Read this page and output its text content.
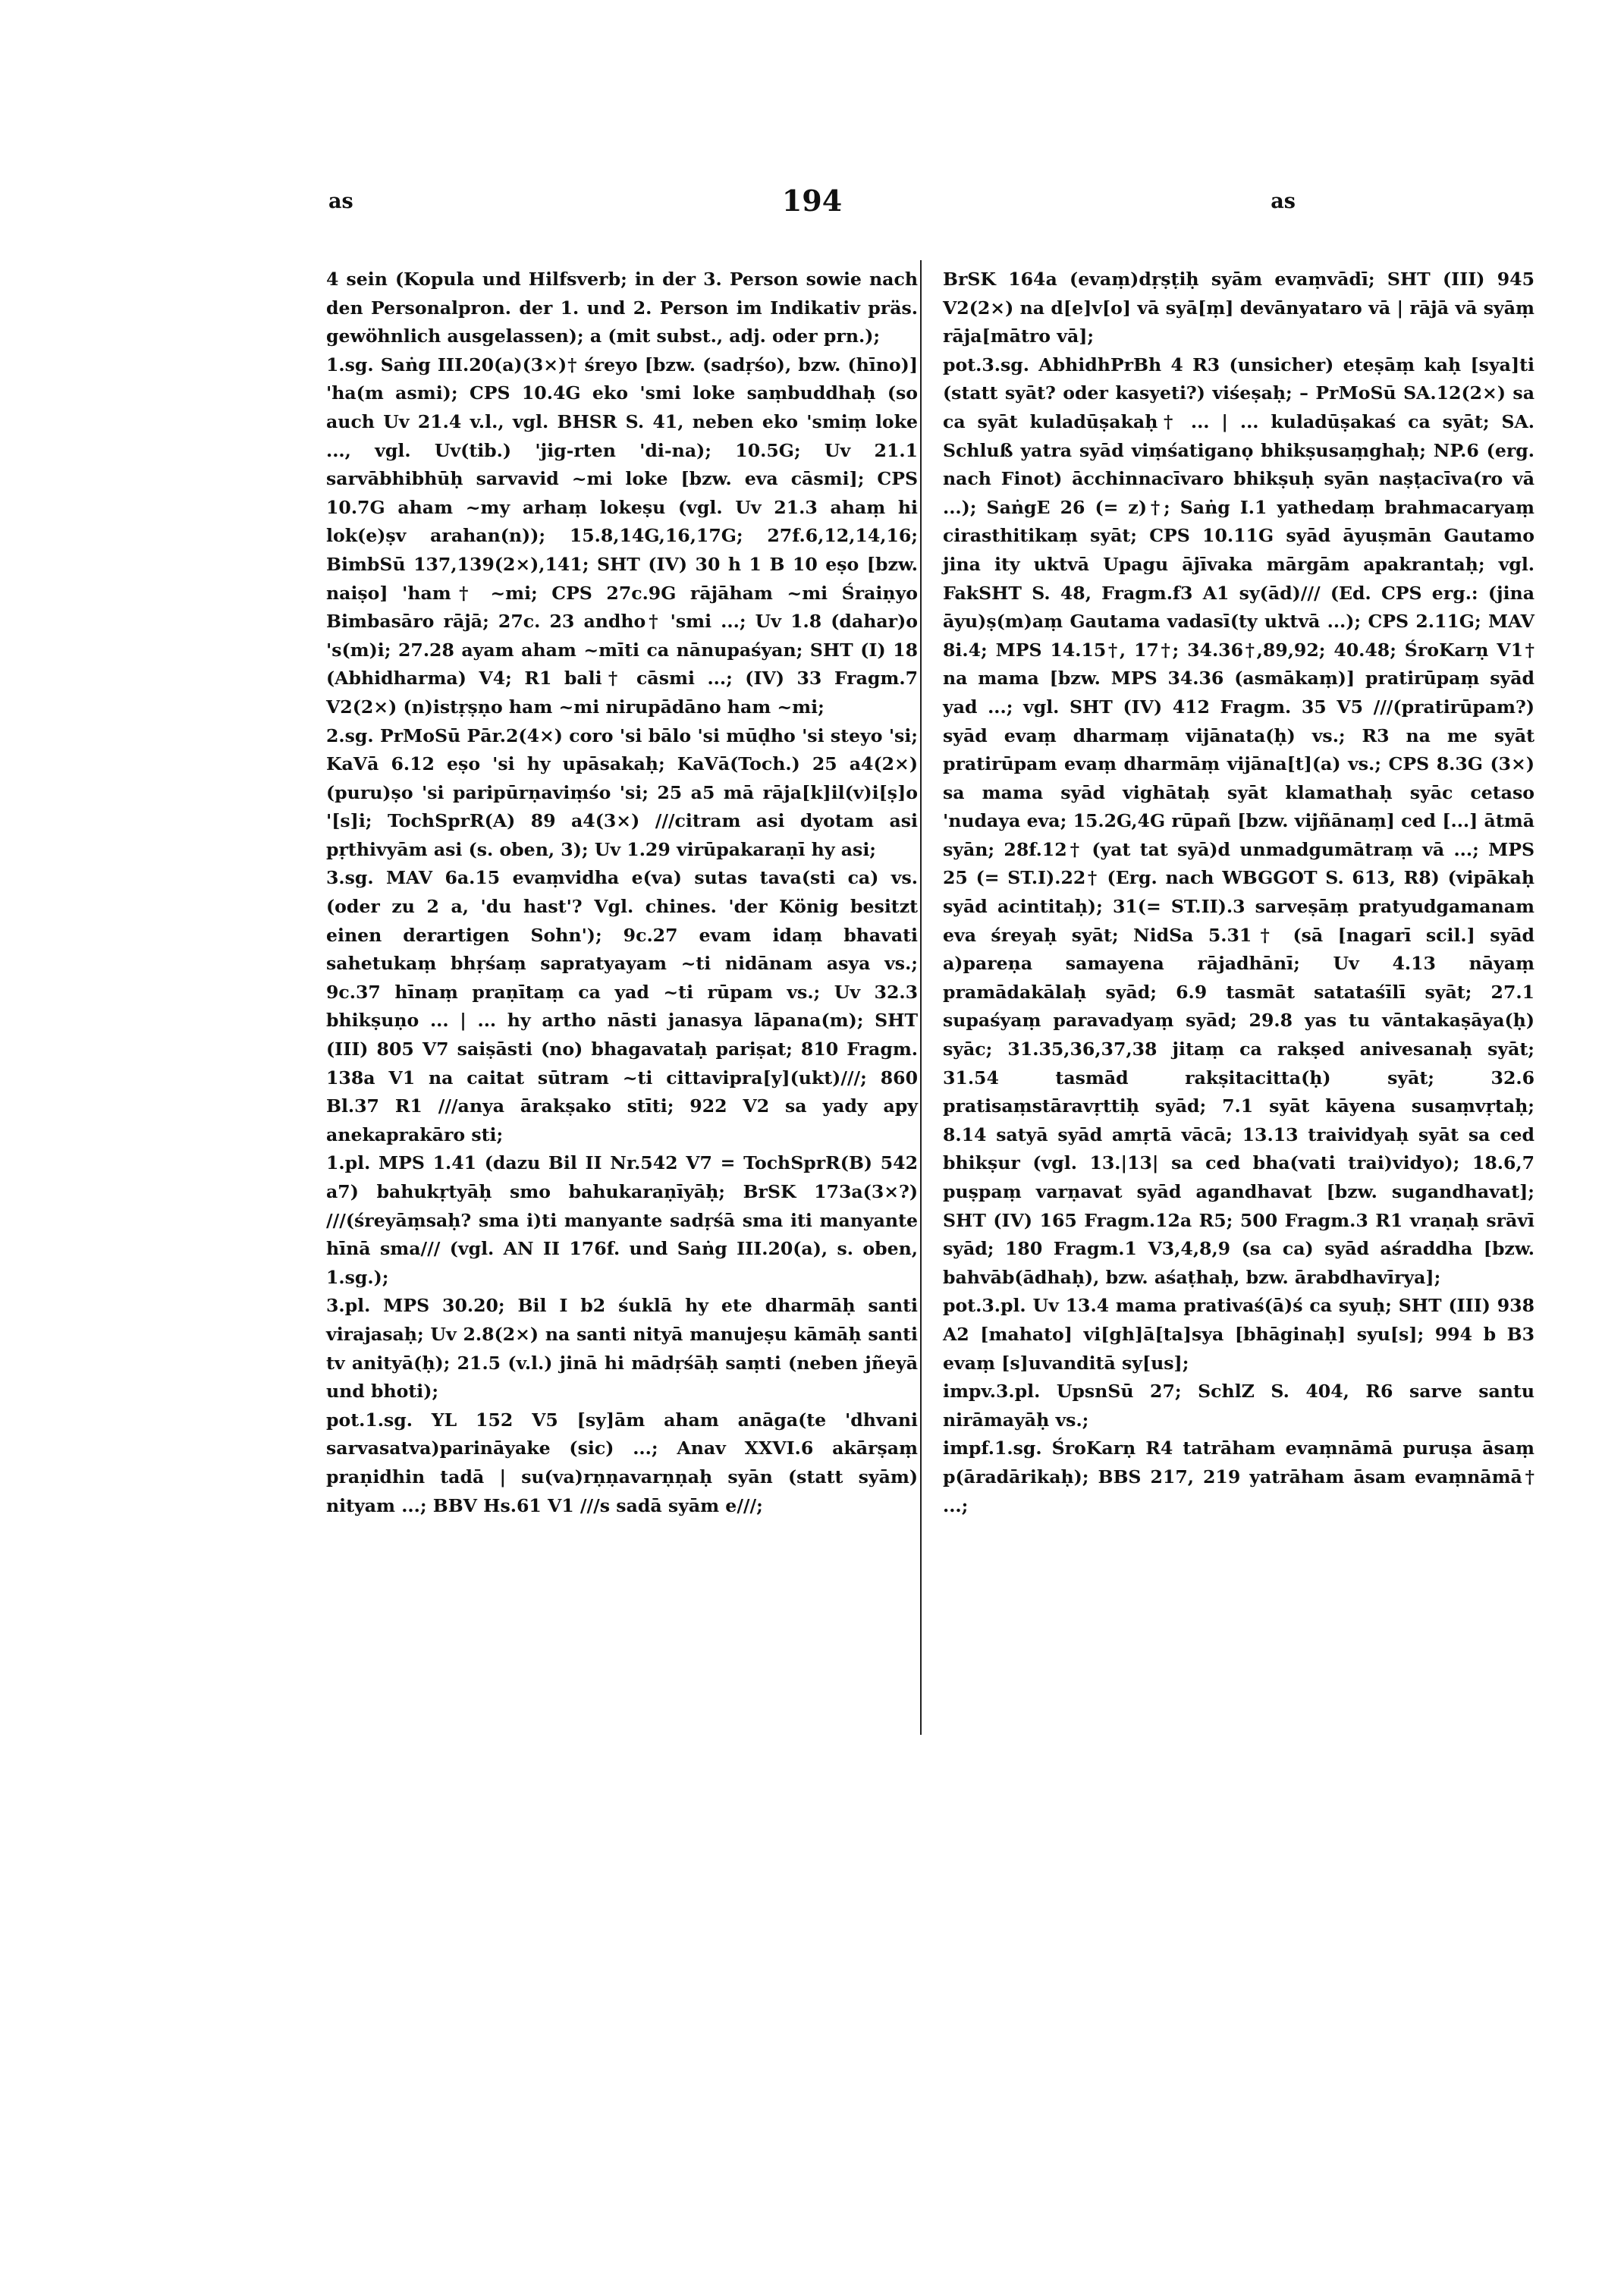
as	194	as

4 sein (Kopula und Hilfsverb; in der 3. Person sowie nach den Personalpron. der 1. und 2. Person im Indikativ präs. gewöhnlich ausgelassen); a (mit subst., adj. oder prn.);

1.sg. Saṅg III.20(a)(3×)† śreyo [bzw. (sadṛśo), bzw. (hīno)] 'ha(m asmi); CPS 10.4G eko 'smi loke saṃbuddhaḥ (so auch Uv 21.4 v.l., vgl. BHSR S. 41, neben eko 'smiṃ loke ..., vgl. Uv(tib.) 'jig-rten 'di-na); 10.5G; Uv 21.1 sarvābhibhūḥ sarvavid ~mi loke [bzw. eva cāsmi]; CPS 10.7G aham ~my arhaṃ lokeṣu (vgl. Uv 21.3 ahaṃ hi lok(e)ṣv arahan(n)); 15.8,14G,16,17G; 27f.6,12,14,16; BimbSū 137,139(2×),141; SHT (IV) 30 h 1 B 10 eṣo [bzw. naiṣo] 'ham† ~mi; CPS 27c.9G rājāham ~mi Śraiṇyo Bimbasāro rājā; 27c. 23 andho† 'smi ...; Uv 1.8 (dahar)o 's(m)i; 27.28 ayam aham ~mīti ca nānupaśyan; SHT (I) 18 (Abhidharma) V4; R1 bali† cāsmi ...; (IV) 33 Fragm.7 V2(2×) (n)istṛṣṇo ham ~mi nirupādāno ham ~mi;

2.sg. PrMoSū Pār.2(4×) coro 'si bālo 'si mūḍho 'si steyo 'si; KaVā 6.12 eṣo 'si hy upāsakaḥ; KaVā(Toch.) 25 a4(2×) (puru)ṣo 'si paripūrṇaviṃśo 'si; 25 a5 mā rāja[k]il(v)i[ṣ]o '[s]i; TochSprR(A) 89 a4(3×) ///citram asi dyotam asi pṛthivyām asi (s. oben, 3); Uv 1.29 virūpakaraṇī hy asi;

3.sg. MAV 6a.15 evaṃvidha e(va) sutas tava(sti ca) vs. (oder zu 2 a, 'du hast'? Vgl. chines. 'der König besitzt einen derartigen Sohn'); 9c.27 evam idaṃ bhavati sahetukaṃ bhṛśaṃ sapratyayam ~ti nidānam asya vs.; 9c.37 hīnaṃ praṇītaṃ ca yad ~ti rūpam vs.; Uv 32.3 bhikṣuṇo ... | ... hy artho nāsti janasya lāpana(m); SHT (III) 805 V7 saiṣāsti (no) bhagavataḥ pariṣat; 810 Fragm. 138a V1 na caitat sūtram ~ti cittavipra[y](ukt)///; 860 Bl.37 R1 ///anya ārakṣako stīti; 922 V2 sa yady apy anekaprakāro sti;

1.pl. MPS 1.41 (dazu Bil II Nr.542 V7 = TochSprR(B) 542 a7) bahukṛtyāḥ smo bahukaraṇīyāḥ; BrSK 173a(3×?) ///(śreyāṃsaḥ? sma i)ti manyante sadṛśā sma iti manyante hīnā sma/// (vgl. AN II 176f. und Saṅg III.20(a), s. oben, 1.sg.);

3.pl. MPS 30.20; Bil I b2 śuklā hy ete dharmāḥ santi virajasaḥ; Uv 2.8(2×) na santi nityā manujeṣu kāmāḥ santi tv anityā(ḥ); 21.5 (v.l.) jinā hi mādṛśāḥ saṃti (neben jñeyā und bhoti);

pot.1.sg. YL 152 V5 [sy]ām aham anāga(te 'dhvani sarvasatva)parināyake (sic) ...; Anav XXVI.6 akārṣaṃ praṇidhin tadā | su(va)rṇṇavarṇṇaḥ syān (statt syām) nityam ...; BBV Hs.61 V1 ///s sadā syām e///;

BrSK 164a (evaṃ)dṛṣṭiḥ syām evaṃvādī; SHT (III) 945 V2(2×) na d[e]v[o] vā syā[ṃ] devānyataro vā | rājā vā syāṃ rāja[mātro vā];

pot.3.sg. AbhidhPrBh 4 R3 (unsicher) eteṣāṃ kaḥ [sya]ti (statt syāt? oder kasyeti?) viśeṣaḥ; – PrMoSū SA.12(2×) sa ca syāt kuladūṣakaḥ† ... | ... kuladūṣakaś ca syāt; SA. Schluß yatra syād viṃśatiganọ bhikṣusaṃghaḥ; NP.6 (erg. nach Finot) ācchinnacīvaro bhikṣuḥ syān naṣṭacīva(ro vā ...); SaṅgE 26 (= z)†; Saṅg I.1 yathedaṃ brahmacaryaṃ cirasthitikaṃ syāt; CPS 10.11G syād āyuṣmān Gautamo jina ity uktvā Upagu ājīvaka mārgām apakrantaḥ; vgl. FakSHT S. 48, Fragm.f3 A1 sy(ād)/// (Ed. CPS erg.: (jina āyu)ṣ(m)aṃ Gautama vadasī(ty uktvā ...); CPS 2.11G; MAV 8i.4; MPS 14.15†, 17†; 34.36†,89,92; 40.48; ŚroKarṇ V1† na mama [bzw. MPS 34.36 (asmākaṃ)] pratirūpaṃ syād yad ...; vgl. SHT (IV) 412 Fragm. 35 V5 ///(pratirūpam?) syād evaṃ dharmaṃ vijānata(ḥ) vs.; R3 na me syāt pratirūpam evaṃ dharmāṃ vijāna[t](a) vs.; CPS 8.3G (3×) sa mama syād vighātaḥ syāt klamathaḥ syāc cetaso 'nudaya eva; 15.2G,4G rūpañ [bzw. vijñānaṃ] ced [...] ātmā syān; 28f.12† (yat tat syā)d unmadgumātraṃ vā ...; MPS 25 (= ST.I).22† (Erg. nach WBGGOT S. 613, R8) (vipākaḥ syād acintitaḥ); 31(= ST.II).3 sarveṣāṃ pratyudgamanam eva śreyaḥ syāt; NidSa 5.31† (sā [nagarī scil.] syād a)pareṇa samayena rājadhānī; Uv 4.13 nāyaṃ pramādakālaḥ syād; 6.9 tasmāt satataśīlī syāt; 27.1 supaśyaṃ paravadyaṃ syād; 29.8 yas tu vāntakaṣāya(ḥ) syāc; 31.35,36,37,38 jitaṃ ca rakṣed anivesanaḥ syāt; 31.54 tasmād rakṣitacitta(ḥ) syāt; 32.6 pratisaṃstāravṛttiḥ syād; 7.1 syāt kāyena susaṃvṛtaḥ; 8.14 satyā syād amṛtā vācā; 13.13 traividyaḥ syāt sa ced bhikṣur (vgl. 13.|13| sa ced bha(vati trai)vidyo); 18.6,7 puṣpaṃ varṇavat syād agandhavat [bzw. sugandhavat]; SHT (IV) 165 Fragm.12a R5; 500 Fragm.3 R1 vraṇaḥ srāvī syād; 180 Fragm.1 V3,4,8,9 (sa ca) syād aśraddha [bzw. bahvāb(ādhaḥ), bzw. aśaṭhaḥ, bzw. ārabdhavīrya];

pot.3.pl. Uv 13.4 mama prativaś(ā)ś ca syuḥ; SHT (III) 938 A2 [mahato] vi[gh]ā[ta]sya [bhāginaḥ] syu[s]; 994 b B3 evaṃ [s]uvanditā sy[us];

impv.3.pl. UpsnSū 27; SchlZ S. 404, R6 sarve santu nirāmayāḥ vs.;

impf.1.sg. ŚroKarṇ R4 tatrāham evaṃnāmā puruṣa āsaṃ p(āradārikaḥ); BBS 217, 219 yatrāham āsam evaṃnāmā† ...;
